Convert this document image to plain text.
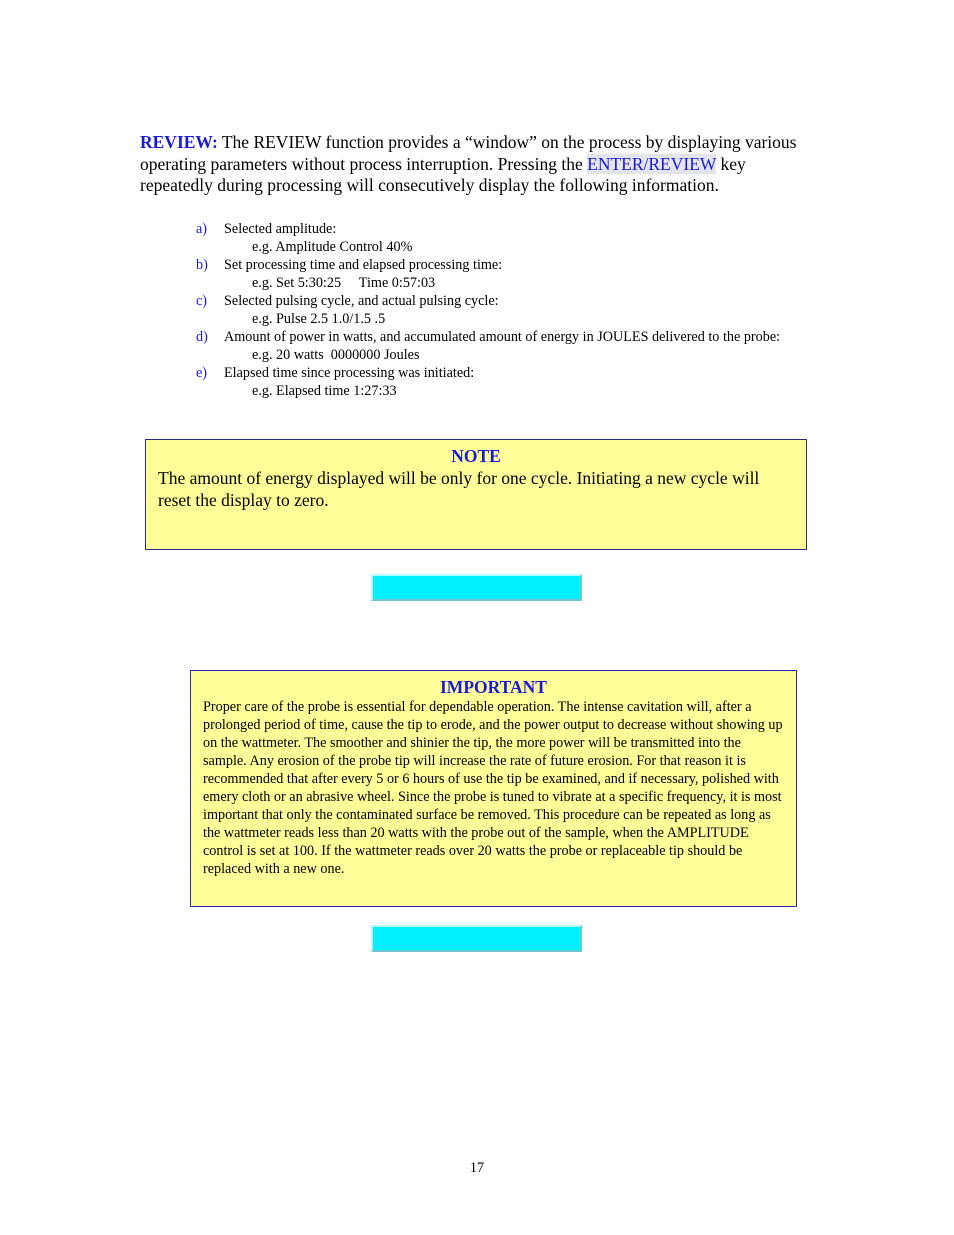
REVIEW: The REVIEW function provides a “window” on the process by displaying various operating parameters without process interruption. Pressing the ENTER/REVIEW key repeatedly during processing will consecutively display the following information.
a)	Selected amplitude:
e.g. Amplitude Control 40%
b)	Set processing time and elapsed processing time:
e.g. Set 5:30:25     Time 0:57:03
c)	Selected pulsing cycle, and actual pulsing cycle:
e.g. Pulse 2.5 1.0/1.5 .5
d)	Amount of power in watts, and accumulated amount of energy in JOULES delivered to the probe:
e.g. 20 watts  0000000 Joules
e)	Elapsed time since processing was initiated:
e.g. Elapsed time 1:27:33
NOTE
The amount of energy displayed will be only for one cycle. Initiating a new cycle will reset the display to zero.
IMPORTANT
Proper care of the probe is essential for dependable operation. The intense cavitation will, after a prolonged period of time, cause the tip to erode, and the power output to decrease without showing up on the wattmeter. The smoother and shinier the tip, the more power will be transmitted into the sample. Any erosion of the probe tip will increase the rate of future erosion. For that reason it is recommended that after every 5 or 6 hours of use the tip be examined, and if necessary, polished with emery cloth or an abrasive wheel. Since the probe is tuned to vibrate at a specific frequency, it is most important that only the contaminated surface be removed. This procedure can be repeated as long as the wattmeter reads less than 20 watts with the probe out of the sample, when the AMPLITUDE control is set at 100. If the wattmeter reads over 20 watts the probe or replaceable tip should be replaced with a new one.
17
